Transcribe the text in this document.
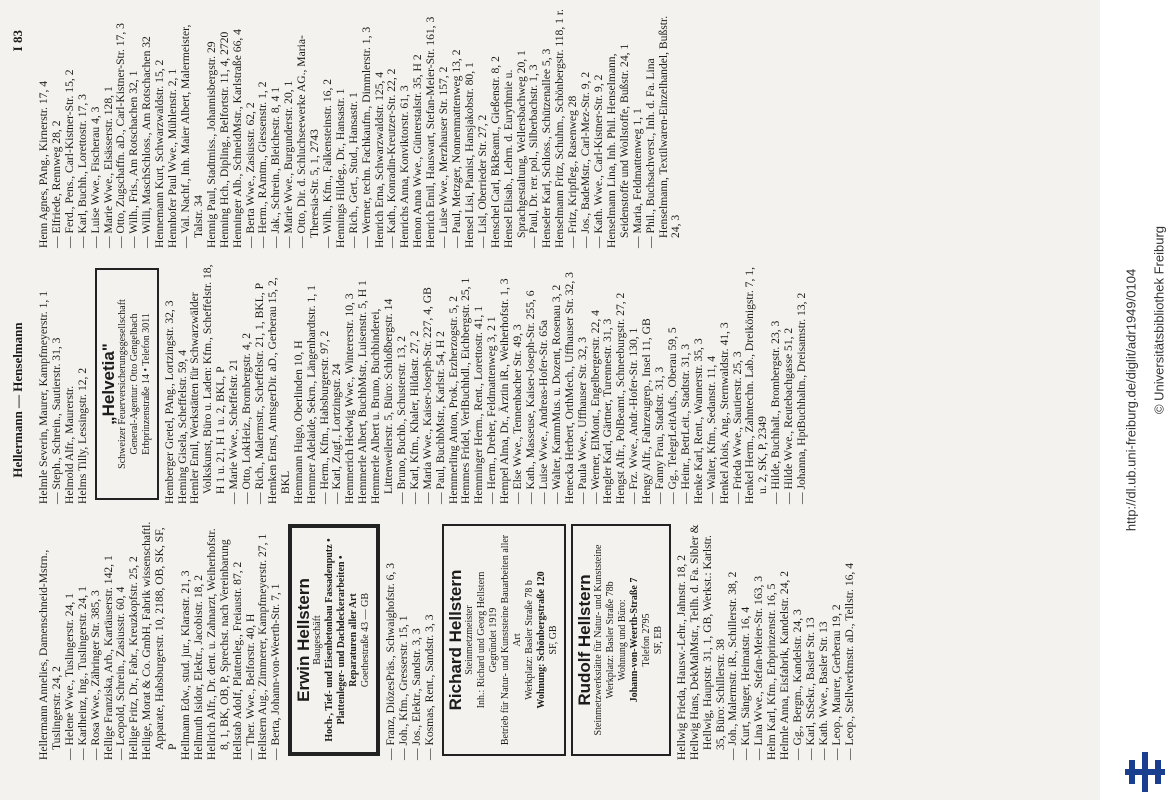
Hellermann — Henselmann
I 83

Hellermann Annelies, Damenschneid-Mstrn., Tuslingerstr. 24, 2 — Helene Wwe., Tuslingerstr. 24, 1 — Karlheinz, Ing., Tuslingerstr. 24, 1 — Rosa Wwe., Zähringer Str. 385, 3 Hellige Franziska, Arb., Kartäuserstr. 142, 1 — Leopold, Schrein., Zasiusstr. 60, 4 Hellige Fritz, Dr., Fabr., Kreuzkopfstr. 25, 2 Hellige, Morat & Co. GmbH, Fabrik wissenschaftl. Apparate, Habsburgerstr. 10, 2188, OB, SK, SF, P Hellmann Edw., stud. jur., Klarastr. 21, 3 Hellmuth Isidor, Elektr., Jacobistr. 18, 2 Hellrich Alfr., Dr. dent. u. Zahnarzt, Weiherhofstr. 8, 1, BK, OB, P, Sprechst. nach Vereinbarung Hellstab Adolf, Plattenleg., Freiaustr. 87, 2 — Ther. Wwe., Belforstr. 40, H Hellstern Aug., Zimmerer, Kampfmeyerstr. 27, 1 — Berta, Johann-von-Weerth-Str. 7, 1 Erwin Hellstern Baugeschäft Hoch-, Tief- und Eisenbetonbau Fassadenputz • Plattenleger- und Dachdeckerarbeiten • Reparaturen aller Art Goethestraße 43 — GB — Franz, DiözesPräs., Schwaighofstr. 6, 3 — Joh., Kfm., Gresserstr. 15, 1 — Jos., Elektr., Sandstr. 3, 3 — Kosmas, Rent., Sandstr. 3, 3 Richard Hellstern Steinmetzmeister Inh.: Richard und Georg Hellstern Gegründet 1919 Betrieb für Natur- und Kunststeine Bauarbeiten aller Art Werkplatz: Basler Straße 78 b Wohnung: Schönbergstraße 120 SF, GB Rudolf Hellstern Steinmetzwerkstätte für Natur- und Kunststeine Werkplatz: Basler Straße 78b Wohnung und Büro: Johann-von-Weerth-Straße 7 Telefon 2795 SF, EB Hellwig Frieda, Hausw.-Lehr., Jahnstr. 18, 2 Hellwig Hans, DekMalMstr., Teilh. d. Fa. Sibler & Hellwig, Hauptstr. 31, 1, GB, Werkst.: Karlstr. 35, Büro: Schillerstr. 38 — Joh., Malermstr. iR., Schillerstr. 38, 2 — Kurt, Sänger, Heimatstr. 16, 4 — Lina Wwe., Stefan-Meier-Str. 163, 3 Helm Karl, Kfm., Erbprinzenstr. 16, 5 Helmle Anna, Eisfabrik, Kandelstr. 24, 2 — Gg., Bergm., Kandelstr. 24, 3 — Karl, StSekr., Basler Str. 13 — Kath. Wwe., Basler Str. 13 — Leop., Maurer, Gerberau 19, 2 — Leop., Stellwerkmstr. aD., Tellstr. 16, 4

Helmle Severin, Maurer, Kampfmeyerstr. 1, 1 — Steph., Schrein., Sautierstr. 31, 3 Helmold Alfr., Maurerstr. Helms Tilly, Lessingstr. 12, 2 „Helvetia" Schweizer Feuerversicherungsgesellschaft General-Agentur: Otto Gengelbach Erbprinzenstraße 14 • Telefon 3011 Hemberger Gretel, PAng., Lortzingstr. 32, 3 Heming Gisela, Scheffelstr. 59, 4 Hemler Emil, Werkstätten für Schwarzwälder Volkskunst, Büro u. Laden: Kfm., Scheffelstr. 18, H 1 u. 21, H 1 u. 2, BKL, P — Marie Wwe., Scheffelstr. 21 — Otto, LokHeiz., Brombergstr. 4, 2 — Rich., Malermstr., Scheffelstr. 21, 1, BKL, P Hemken Ernst, AmtsgerDir. aD., Gerberau 15, 2, BKL Hemmann Hugo, Oberlinden 10, H Hemmer Adelaide, Sekrn., Längenhardtstr. 1, 1 — Herm., Kfm., Habsburgerstr. 97, 2 — Karl, Zugf., Lortzingstr. 24 Hemmerich Hedwig Wwe., Wintererstr. 10, 3 Hemmerle Albert, BuchbMstr., Luisenstr. 5, H 1 Hemmerle Albert u. Bruno, Buchbinderei, Littenweilerstr. 5, Büro: Schloßbergstr. 14 — Bruno, Buchb., Schusterstr. 13, 2 — Karl, Kfm., Khaler, Hildastr. 27, 2 — Maria Wwe., Kaiser-Joseph-Str. 227, 4, GB — Paul, BuchbMstr., Karlstr. 54, H 2 Hemmerling Anton, Prok., Erzherzogstr. 5, 2 Hemmes Fridel, VerlBuchhdl., Eichbergstr. 25, 1 Hemminger Herm., Rent., Lorettostr. 41, 1 — Herm., Dreher, Feldmattenweg 3, 2 1 Hempel Alma, Dr., Ärztin iR., Weiherhofstr. 1, 3 — Else Wwe., Tennenbacher Str. 49, 3 — Kath., Masseuse, Kaiser-Joseph-Str. 255, 6 — Luise Wwe., Andreas-Hofer-Str. 65a — Walter, KammMus. u. Dozent, Rosenau 3, 2 Henecka Herbert, OrthMech., Uffhauser Str. 32, 3 — Paula Wwe., Uffhauser Str. 32, 3 — Werner, ElMont., Engelbergerstr. 22, 4 Hengler Karl, Gärtner, Turennestr. 31, 3 Hengst Alfr., PolBeamt., Schneeburgstr. 27, 2 — Frz. Wwe., Andr.-Hofer-Str. 130, 1 Hengy Alfr., Fahrzeugrep., Insel 11, GB — Fanny Frau, Stadtstr. 31, 3 — Gg., TelegrLeitAufs., Oberau 59, 5 — Heinr., BetrLeit., Stadtstr. 31, 3 Henke Karl, Rent., Wannerstr. 35, 3 — Walter, Kfm., Sedanstr. 11, 4 Henkel Alois, Ang., Sternwaldstr. 41, 3 — Frieda Wwe., Sautierstr. 25, 3 Henkel Herm., Zahntechn. Lab., Dreikönigstr. 7, 1, u. 2, SK, P, 2349 — Hilde, Buchhalt., Brombergstr. 23, 3 — Hilde Wwe., Reutebachgasse 51, 2 — Johanna, HptBuchhaltn., Dreisamstr. 13, 2

Henn Agnes, PAng., Kirnerstr. 17, 4 — Elfriede, Rennweg 28, 2 — Ferd., Pens., Carl-Kistner-Str. 15, 2 — Karl, Buchh., Lorettostr. 17, 3 — Luise Wwe., Fischerau 4, 3 — Marie Wwe., Elsässerstr. 128, 1 — Otto, Zugschaffn. aD., Carl-Kistner-Str. 17, 3 — Wilh., Fris., Am Rotschachen 32, 1 — Willi, MaschSchloss., Am Rotschachen 32 Hennemann Kurt, Schwarzwaldstr. 15, 2 Hennhofer Paul Wwe., Mühlenstr. 2, 1 — Val. Nachf., Inh. Maier Albert, Malermeister, Talstr. 34 Hennig Paul, Stadtmiss., Johannisbergstr. 29 Henning Hch., Dipling., Belfortstr. 11, 4, 2720 Henninger Alb., SchneidMstr., Karlstraße 66, 4 — Berta Wwe., Zasiusstr. 62, 2 — Herm., RAmtm., Giessenstr. 1, 2 — Jak., Schrein., Bleichestr. 8, 4 1 — Marie Wwe., Burgunderstr. 20, 1 — Otto, Dir. d. Schluchseewerke AG., Maria-Theresia-Str. 5, 1, 2743 — Wilh., Kfm., Falkensteinstr. 16, 2 Hennings Hildeg., Dr., Hansastr. 1 — Rich., Gert., Stud., Hansastr. 1 — Werner, techn. Fachkaufm., Dimmlerstr. 1, 3 Henrich Erna, Schwarzwaldstr. 125, 4 — Kath., Konradin-Kreutzer-Str. 22, 2 Henrichs Anna, Konviktorstr. 61, 3 Henon Anna Wwe., Günterstalstr. 35, H 2 Henrich Emil, Hauswart, Stefan-Meier-Str. 161, 3 — Luise Wwe., Merzhauser Str. 157, 2 — Paul, Metzger, Nonnenmattenweg 13, 2 Hensel Lisi, Pianist, Hansjakobstr. 80, 1 — Lisl, Oberrieder Str. 27, 2 Henschel Carl, BkBeamt., Gießenstr. 8, 2 Hensel Elisab., Lehrn. d. Eurythmie u. Sprachgestaltung, Wellersbachweg 20, 1 — Paul, Dr. rer. pol., Silberbachstr. 1, 3 Henseler Karl, Schloss., Schützenallee 5, 3 Henselmann Fritz, Schuhm., Schönbergstr. 118, 1 r. — Fritz, Kripfleg., Rasenweg 28 — Jos., BadeMstr., Carl-Mez-Str. 9, 2 — Kath. Wwe., Carl-Kistner-Str. 9, 2 Henselmann Lina, Inh. Phil. Henselmann, Seidenstoffe und Wollstoffe, Bußstr. 24, 1 — Maria, Feldmattenweg 1, 1 — Phil., Buchsachverst., Inh. d. Fa. Lina Henselmann, Textilwaren-Einzelhandel, Bußstr. 24, 3

http://dl.ub.uni-freiburg.de/diglit/adr1949/0104 © Universitätsbibliothek Freiburg
